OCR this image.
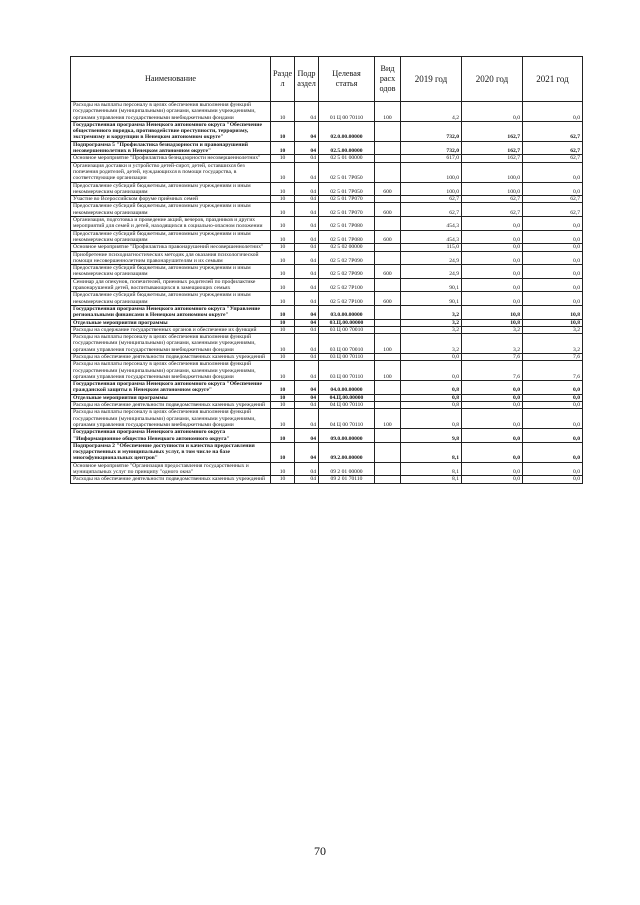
Наименование	Разде л	Подр аздел	Целевая статья	Вид расх одов	2019 год	2020 год	2021 год
Расходы на выплаты персоналу в целях обеспечения выполнения функций государственными (муниципальными) органами, казенными учреждениями, органами управления государственными внебюджетными фондами	10	04	01 Ц 00 70110	100	4,2	0,0	0,0
Государственная программа Ненецкого автономного округа "Обеспечение общественного порядка, противодействие преступности, терроризму, экстремизму и коррупции в Ненецком автономном округе"	10	04	02.0.00.00000		732,0	162,7	62,7
Подпрограмма 5 "Профилактика безнадзорности и правонарушений несовершеннолетних в Ненецком автономном округе"	10	04	02.5.00.00000		732,0	162,7	62,7
Основное мероприятие "Профилактика безнадзорности несовершеннолетних"	10	04	02 5 01 00000		617,0	162,7	62,7
Организация доставки и устройство детей-сирот, детей, оставшихся без попечения родителей, детей, нуждающихся в помощи государства, в соответствующие организации	10	04	02 5 01 7Р050		100,0	100,0	0,0
Предоставление субсидий бюджетным, автономным учреждениям и иным некоммерческим организациям	10	04	02 5 01 7Р050	600	100,0	100,0	0,0
Участие во Всероссийском форуме приёмных семей	10	04	02 5 01 7Р070		62,7	62,7	62,7
Предоставление субсидий бюджетным, автономным учреждениям и иным некоммерческим организациям	10	04	02 5 01 7Р070	600	62,7	62,7	62,7
Организация, подготовка и проведение акций, вечеров, праздников и других мероприятий для семей и детей, находящихся в социально-опасном положении	10	04	02 5 01 7Р080		454,3	0,0	0,0
Предоставление субсидий бюджетным, автономным учреждениям и иным некоммерческим организациям	10	04	02 5 01 7Р080	600	454,3	0,0	0,0
Основное мероприятие "Профилактика правонарушений несовершеннолетних"	10	04	02 5 02 00000		115,0	0,0	0,0
Приобретение психодиагностических методик для оказания психологической помощи несовершеннолетним правонарушителям и их семьям	10	04	02 5 02 7Р090		24,9	0,0	0,0
Предоставление субсидий бюджетным, автономным учреждениям и иным некоммерческим организациям	10	04	02 5 02 7Р090	600	24,9	0,0	0,0
Семинар для опекунов, попечителей, приемных родителей по профилактике правонарушений детей, воспитывающихся в замещающих семьях	10	04	02 5 02 7Р100		90,1	0,0	0,0
Предоставление субсидий бюджетным, автономным учреждениям и иным некоммерческим организациям	10	04	02 5 02 7Р100	600	90,1	0,0	0,0
Государственная программа Ненецкого автономного округа "Управление региональными финансами в Ненецком автономном округе"	10	04	03.0.00.00000		3,2	10,8	10,8
Отдельные мероприятия программы	10	04	03.Ц.00.00000		3,2	10,8	10,8
Расходы на содержание государственных органов и обеспечение их функций	10	04	03 Ц 00 70010		3,2	3,2	3,2
Расходы на выплаты персоналу в целях обеспечения выполнения функций государственными (муниципальными) органами, казенными учреждениями, органами управления государственными внебюджетными фондами	10	04	03 Ц 00 70010	100	3,2	3,2	3,2
Расходы на обеспечение деятельности подведомственных казенных учреждений	10	04	03 Ц 00 70110		0,0	7,6	7,6
Расходы на выплаты персоналу в целях обеспечения выполнения функций государственными (муниципальными) органами, казенными учреждениями, органами управления государственными внебюджетными фондами	10	04	03 Ц 00 70110	100	0,0	7,6	7,6
Государственная программа Ненецкого автономного округа "Обеспечение гражданской защиты в Ненецком автономном округе"	10	04	04.0.00.00000		0,8	0,0	0,0
Отдельные мероприятия программы	10	04	04.Ц.00.00000		0,8	0,0	0,0
Расходы на обеспечение деятельности подведомственных казенных учреждений	10	04	04 Ц 00 70110		0,8	0,0	0,0
Расходы на выплаты персоналу в целях обеспечения выполнения функций государственными (муниципальными) органами, казенными учреждениями, органами управления государственными внебюджетными фондами	10	04	04 Ц 00 70110	100	0,8	0,0	0,0
Государственная программа Ненецкого автономного округа "Информационное общество Ненецкого автономного округа"	10	04	09.0.00.00000		9,8	0,0	0,0
Подпрограмма 2 "Обеспечение доступности и качества предоставления государственных и муниципальных услуг, в том числе на базе многофункциональных центров"	10	04	09.2.00.00000		8,1	0,0	0,0
Основное мероприятие "Организация предоставления государственных и муниципальных услуг по принципу "одного окна"	10	04	09 2 01 00000		8,1	0,0	0,0
Расходы на обеспечение деятельности подведомственных казенных учреждений	10	04	09 2 01 70110		8,1	0,0	0,0
70
